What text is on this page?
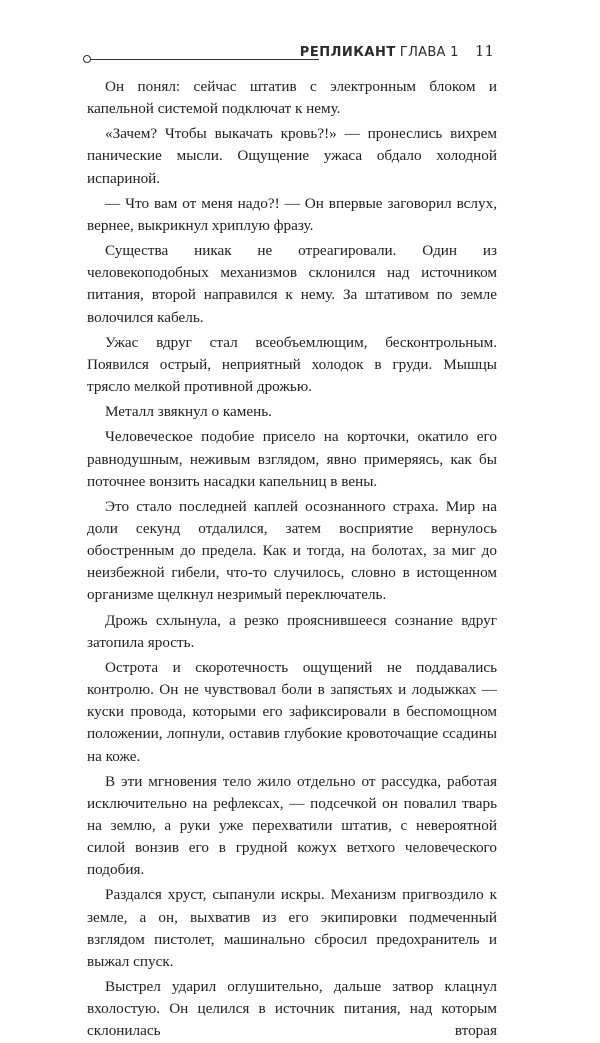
РЕПЛИКАНТ ГЛАВА 1 11

Он понял: сейчас штатив с электронным блоком и капельной системой подключат к нему.

«Зачем? Чтобы выкачать кровь?!» — пронеслись вихрем панические мысли. Ощущение ужаса обдало холодной испариной.

— Что вам от меня надо?! — Он впервые заговорил вслух, вернее, выкрикнул хриплую фразу.

Существа никак не отреагировали. Один из человекоподобных механизмов склонился над источником питания, второй направился к нему. За штативом по земле волочился кабель.

Ужас вдруг стал всеобъемлющим, бесконтрольным. Появился острый, неприятный холодок в груди. Мышцы трясло мелкой противной дрожью.

Металл звякнул о камень.

Человеческое подобие присело на корточки, окатило его равнодушным, неживым взглядом, явно примеряясь, как бы поточнее вонзить насадки капельниц в вены.

Это стало последней каплей осознанного страха. Мир на доли секунд отдалился, затем восприятие вернулось обостренным до предела. Как и тогда, на болотах, за миг до неизбежной гибели, что-то случилось, словно в истощенном организме щелкнул незримый переключатель.

Дрожь схлынула, а резко прояснившееся сознание вдруг затопила ярость.

Острота и скоротечность ощущений не поддавались контролю. Он не чувствовал боли в запястьях и лодыжках — куски провода, которыми его зафиксировали в беспомощном положении, лопнули, оставив глубокие кровоточащие ссадины на коже.

В эти мгновения тело жило отдельно от рассудка, работая исключительно на рефлексах, — подсечкой он повалил тварь на землю, а руки уже перехватили штатив, с невероятной силой вонзив его в грудной кожух ветхого человеческого подобия.

Раздался хруст, сыпанули искры. Механизм пригвоздило к земле, а он, выхватив из его экипировки подмеченный взглядом пистолет, машинально сбросил предохранитель и выжал спуск.

Выстрел ударил оглушительно, дальше затвор клацнул вхолостую. Он целился в источник питания, над которым склонилась вторая
